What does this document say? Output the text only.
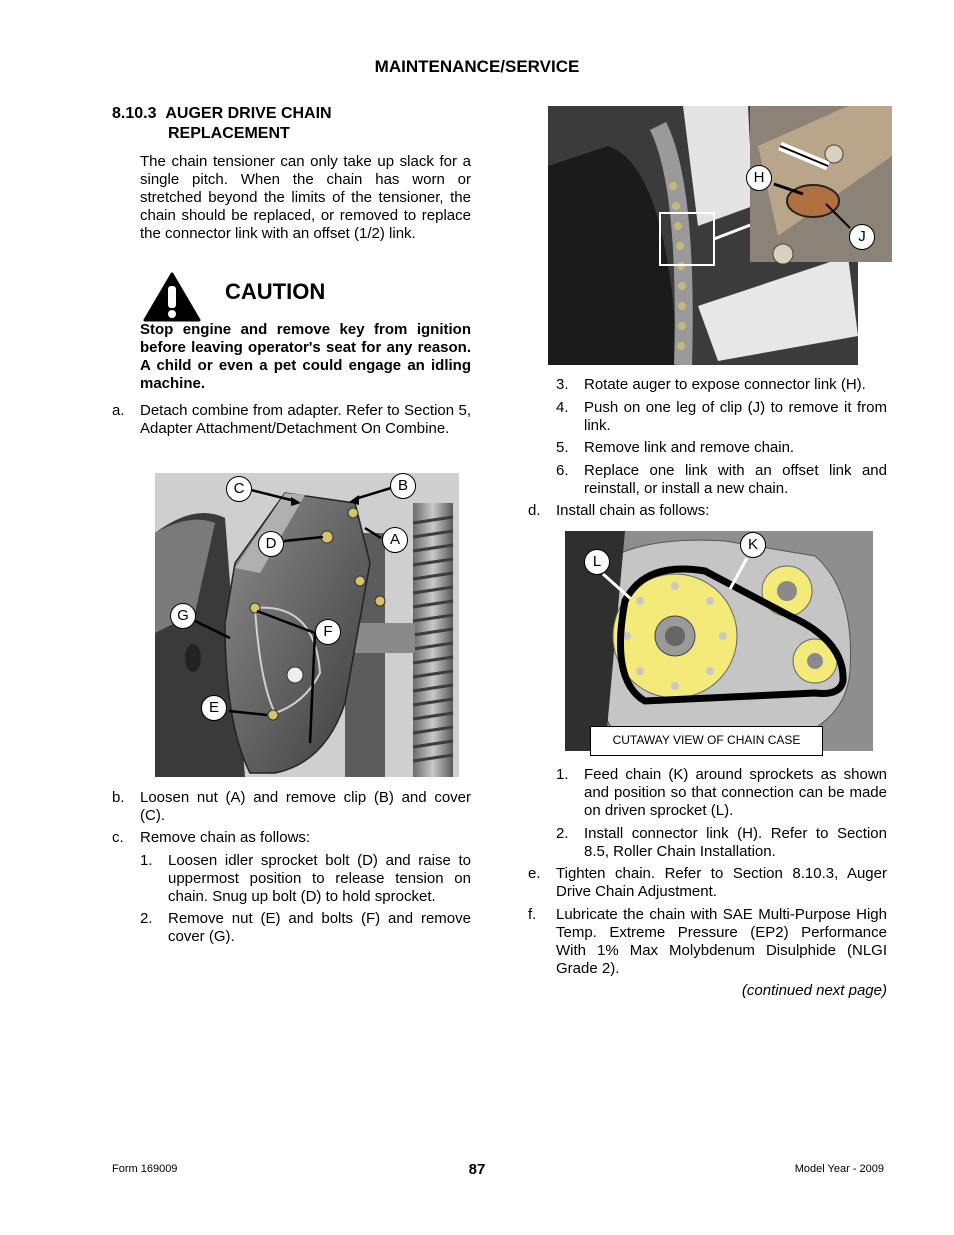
MAINTENANCE/SERVICE
8.10.3 AUGER DRIVE CHAIN
REPLACEMENT
The chain tensioner can only take up slack for a single pitch. When the chain has worn or stretched beyond the limits of the tensioner, the chain should be replaced, or removed to replace the connector link with an offset (1/2) link.
CAUTION
Stop engine and remove key from ignition before leaving operator's seat for any reason. A child or even a pet could engage an idling machine.
a. Detach combine from adapter. Refer to Section 5, Adapter Attachment/Detachment On Combine.
C	B
D	A
G
F
E
b. Loosen nut (A) and remove clip (B) and cover (C).
c. Remove chain as follows:
1. Loosen idler sprocket bolt (D) and raise to uppermost position to release tension on chain. Snug up bolt (D) to hold sprocket.
2. Remove nut (E) and bolts (F) and remove cover (G).
H
J
3. Rotate auger to expose connector link (H).
4. Push on one leg of clip (J) to remove it from link.
5. Remove link and remove chain.
6. Replace one link with an offset link and reinstall, or install a new chain.
d. Install chain as follows:
L
K
CUTAWAY VIEW OF CHAIN CASE
1. Feed chain (K) around sprockets as shown and position so that connection can be made on driven sprocket (L).
2. Install connector link (H). Refer to Section 8.5, Roller Chain Installation.
e. Tighten chain. Refer to Section 8.10.3, Auger Drive Chain Adjustment.
f. Lubricate the chain with SAE Multi-Purpose High Temp. Extreme Pressure (EP2) Performance With 1% Max Molybdenum Disulphide (NLGI Grade 2).
(continued next page)
Form 169009	87	Model Year - 2009
